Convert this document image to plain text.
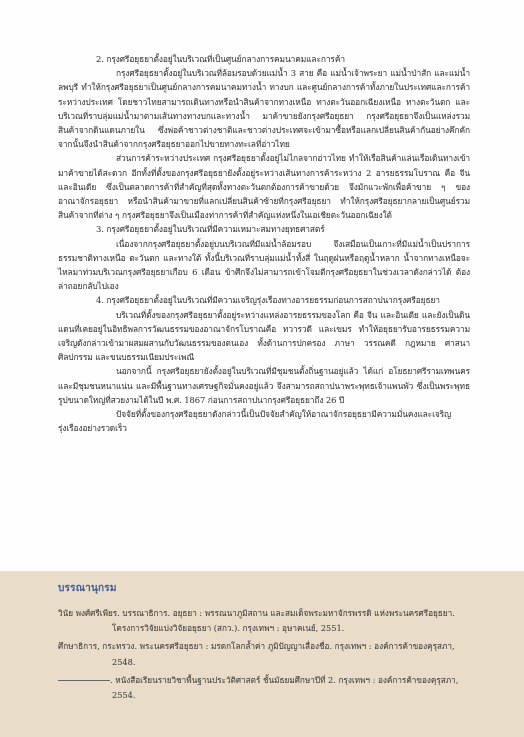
2. กรุงศรีอยุธยาตั้งอยู่ในบริเวณที่เป็นศูนย์กลางการคมนาคมและการค้า

กรุงศรีอยุธยาตั้งอยู่ในบริเวณที่ล้อมรอบด้วยแม่น้ำ 3 สาย คือ แม่น้ำเจ้าพระยา แม่น้ำป่าสัก และแม่น้ำลพบุรี ทำให้กรุงศรีอยุธยาเป็นศูนย์กลางการคมนาคมทางน้ำ ทางบก และศูนย์กลางการค้าทั้งภายในประเทศและการค้าระหว่างประเทศ โดยชาวไทยสามารถเดินทางหรือนำสินค้าจากทางเหนือ ทางตะวันออกเฉียงเหนือ ทางตะวันตก และบริเวณที่ราบลุ่มแม่น้ำมาตามเส้นทางทางบกและทางน้ำ มาค้าขายยังกรุงศรีอยุธยา กรุงศรีอยุธยาจึงเป็นแหล่งรวมสินค้าจากดินแดนภายใน ซึ่งพ่อค้าชาวต่างชาติและชาวต่างประเทศจะเข้ามาซื้อหรือแลกเปลี่ยนสินค้ากันอย่างคึกคัก จากนั้นจึงนำสินค้าจากกรุงศรีอยุธยาออกไปขายทางทะเลที่อ่าวไทย

ส่วนการค้าระหว่างประเทศ กรุงศรีอยุธยาตั้งอยู่ไม่ไกลจากอ่าวไทย ทำให้เรือสินค้าแล่นเรือเดินทางเข้ามาค้าขายได้สะดวก อีกทั้งที่ตั้งของกรุงศรีอยุธยายังตั้งอยู่ระหว่างเส้นทางการค้าระหว่าง 2 อารยธรรมโบราณ คือ จีน และอินเดีย ซึ่งเป็นตลาดการค้าที่สำคัญที่สุดทั้งทางตะวันตกต้องการค้าขายด้วย จึงมักแวะพักเพื่อค้าขาย ๆ ของอาณาจักรอยุธยา หรือนำสินค้ามาขายที่แลกเปลี่ยนสินค้าซ้ายที่กรุงศรีอยุธยา ทำให้กรุงศรีอยุธยากลายเป็นศูนย์รวมสินค้าจากที่ต่าง ๆ กรุงศรีอยุธยาจึงเป็นเมืองท่าการค้าที่สำคัญแห่งหนึ่งในเอเชียตะวันออกเฉียงใต้

3. กรุงศรีอยุธยาตั้งอยู่ในบริเวณที่มีความเหมาะสมทางยุทธศาสตร์

เนื่องจากกรุงศรีอยุธยาตั้งอยู่บนบริเวณที่มีแม่น้ำล้อมรอบ จึงเสมือนเป็นเกาะที่มีแม่น้ำเป็นปราการธรรมชาติทางเหนือ ตะวันตก และทางใต้ ทั้งนี้บริเวณที่ราบลุ่มแม่น้ำทั้งสี่ ในฤดูฝนหรือฤดูน้ำหลาก น้ำจากทางเหนือจะไหลมาท่วมบริเวณกรุงศรีอยุธยาเกือบ 6 เดือน ข้าศึกจึงไม่สามารถเข้าโจมตีกรุงศรีอยุธยาในช่วงเวลาดังกล่าวได้ ต้องล่าถอยกลับไปเอง

4. กรุงศรีอยุธยาตั้งอยู่ในบริเวณที่มีความเจริญรุ่งเรืองทางอารยธรรมก่อนการสถาปนากรุงศรีอยุธยา

บริเวณที่ตั้งของกรุงศรีอยุธยาตั้งอยู่ระหว่างแหล่งอารยธรรมของโลก คือ จีน และอินเดีย และยังเป็นดินแดนที่เคยอยู่ในอิทธิพลการวัฒนธรรมของอาณาจักรโบราณคือ ทวารวดี และเขมร ทำให้อยุธยารับอารยธรรมความเจริญดังกล่าวเข้ามาผสมผสานกับวัฒนธรรมของตนเอง ทั้งด้านการปกครอง ภาษา วรรณคดี กฎหมาย ศาสนา ศิลปกรรม และขนบธรรมเนียมประเพณี

นอกจากนี้ กรุงศรีอยุธยายังตั้งอยู่ในบริเวณที่มีชุมชนตั้งถิ่นฐานอยู่แล้ว ได้แก่ อโยธยาศรีรามเทพนคร และมีชุมชนหนาแน่น และมีพื้นฐานทางเศรษฐกิจมั่นคงอยู่แล้ว จึงสามารถสถาปนาพระพุทธเจ้าแพนพัว ซึ่งเป็นพระพุทธรูปขนาดใหญ่ที่สวยงามได้ในปี พ.ศ. 1867 ก่อนการสถาปนากรุงศรีอยุธยาถึง 26 ปี

ปัจจัยที่ตั้งของกรุงศรีอยุธยาดังกล่าวนี้เป็นปัจจัยสำคัญให้อาณาจักรอยุธยามีความมั่นคงและเจริญรุ่งเรืองอย่างรวดเร็ว

บรรณานุกรม

วินัย พงศ์ศรีเพียร. บรรณาธิการ. อยุธยา : พรรณนาภูมิสถาน และสมเด็จพระมหาจักรพรรดิ แห่งพระนครศรีอยุธยา. โครงการวิจัยแบ่งวิจัยอยุธยา (สกว.). กรุงเทพฯ : อุษาคเนย์, 2551.

ศึกษาธิการ, กระทรวง. พระนครศรีอยุธยา : มรดกโลกล้ำค่า ภูมิปัญญาเลื่องชื่อ. กรุงเทพฯ : องค์การค้าของคุรุสภา, 2548.

. หนังสือเรียนรายวิชาพื้นฐานประวัติศาสตร์ ชั้นมัธยมศึกษาปีที่ 2. กรุงเทพฯ : องค์การค้าของคุรุสภา, 2554.
